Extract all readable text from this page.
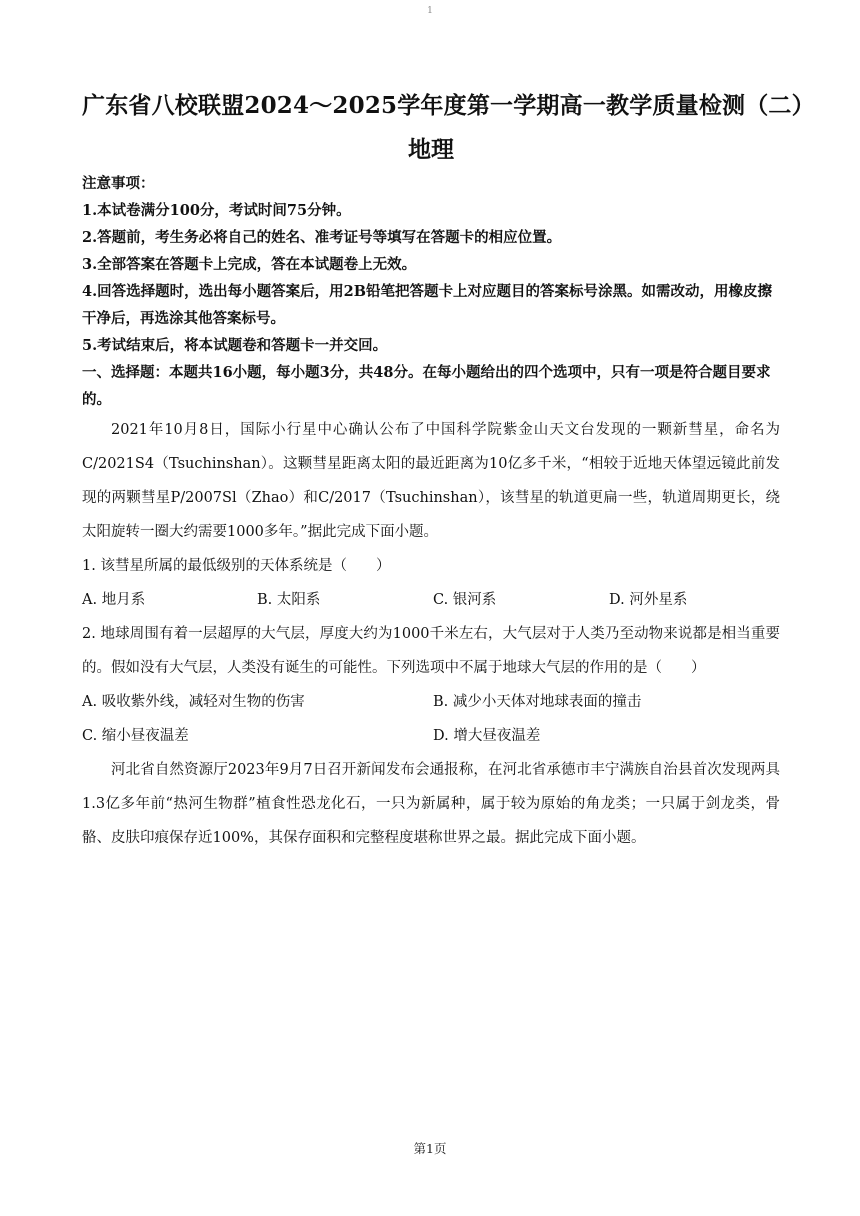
1
广东省八校联盟2024～2025学年度第一学期高一教学质量检测（二）
地理

注意事项：

1.本试卷满分100分，考试时间75分钟。

2.答题前，考生务必将自己的姓名、准考证号等填写在答题卡的相应位置。

3.全部答案在答题卡上完成，答在本试题卷上无效。

4.回答选择题时，选出每小题答案后，用2B铅笔把答题卡上对应题目的答案标号涂黑。如需改动，用橡皮擦干净后，再选涂其他答案标号。

5.考试结束后，将本试题卷和答题卡一并交回。

一、选择题：本题共16小题，每小题3分，共48分。在每小题给出的四个选项中，只有一项是符合题目要求的。

2021年10月8日，国际小行星中心确认公布了中国科学院紫金山天文台发现的一颗新彗星，命名为C/2021S4（Tsuchinshan）。这颗彗星距离太阳的最近距离为10亿多千米，“相较于近地天体望远镜此前发现的两颗彗星P/2007Sl（Zhao）和C/2017（Tsuchinshan），该彗星的轨道更扁一些，轨道周期更长，绕太阳旋转一圈大约需要1000多年。”据此完成下面小题。

1. 该彗星所属的最低级别的天体系统是（　　）

A. 地月系	B. 太阳系	C. 银河系	D. 河外星系

2. 地球周围有着一层超厚的大气层，厚度大约为1000千米左右，大气层对于人类乃至动物来说都是相当重要的。假如没有大气层，人类没有诞生的可能性。下列选项中不属于地球大气层的作用的是（　　）

A. 吸收紫外线，减轻对生物的伤害	B. 减少小天体对地球表面的撞击
C. 缩小昼夜温差	D. 增大昼夜温差

河北省自然资源厅2023年9月7日召开新闻发布会通报称，在河北省承德市丰宁满族自治县首次发现两具1.3亿多年前“热河生物群”植食性恐龙化石，一只为新属种，属于较为原始的角龙类；一只属于剑龙类，骨骼、皮肤印痕保存近100%，其保存面积和完整程度堪称世界之最。据此完成下面小题。

第1页
